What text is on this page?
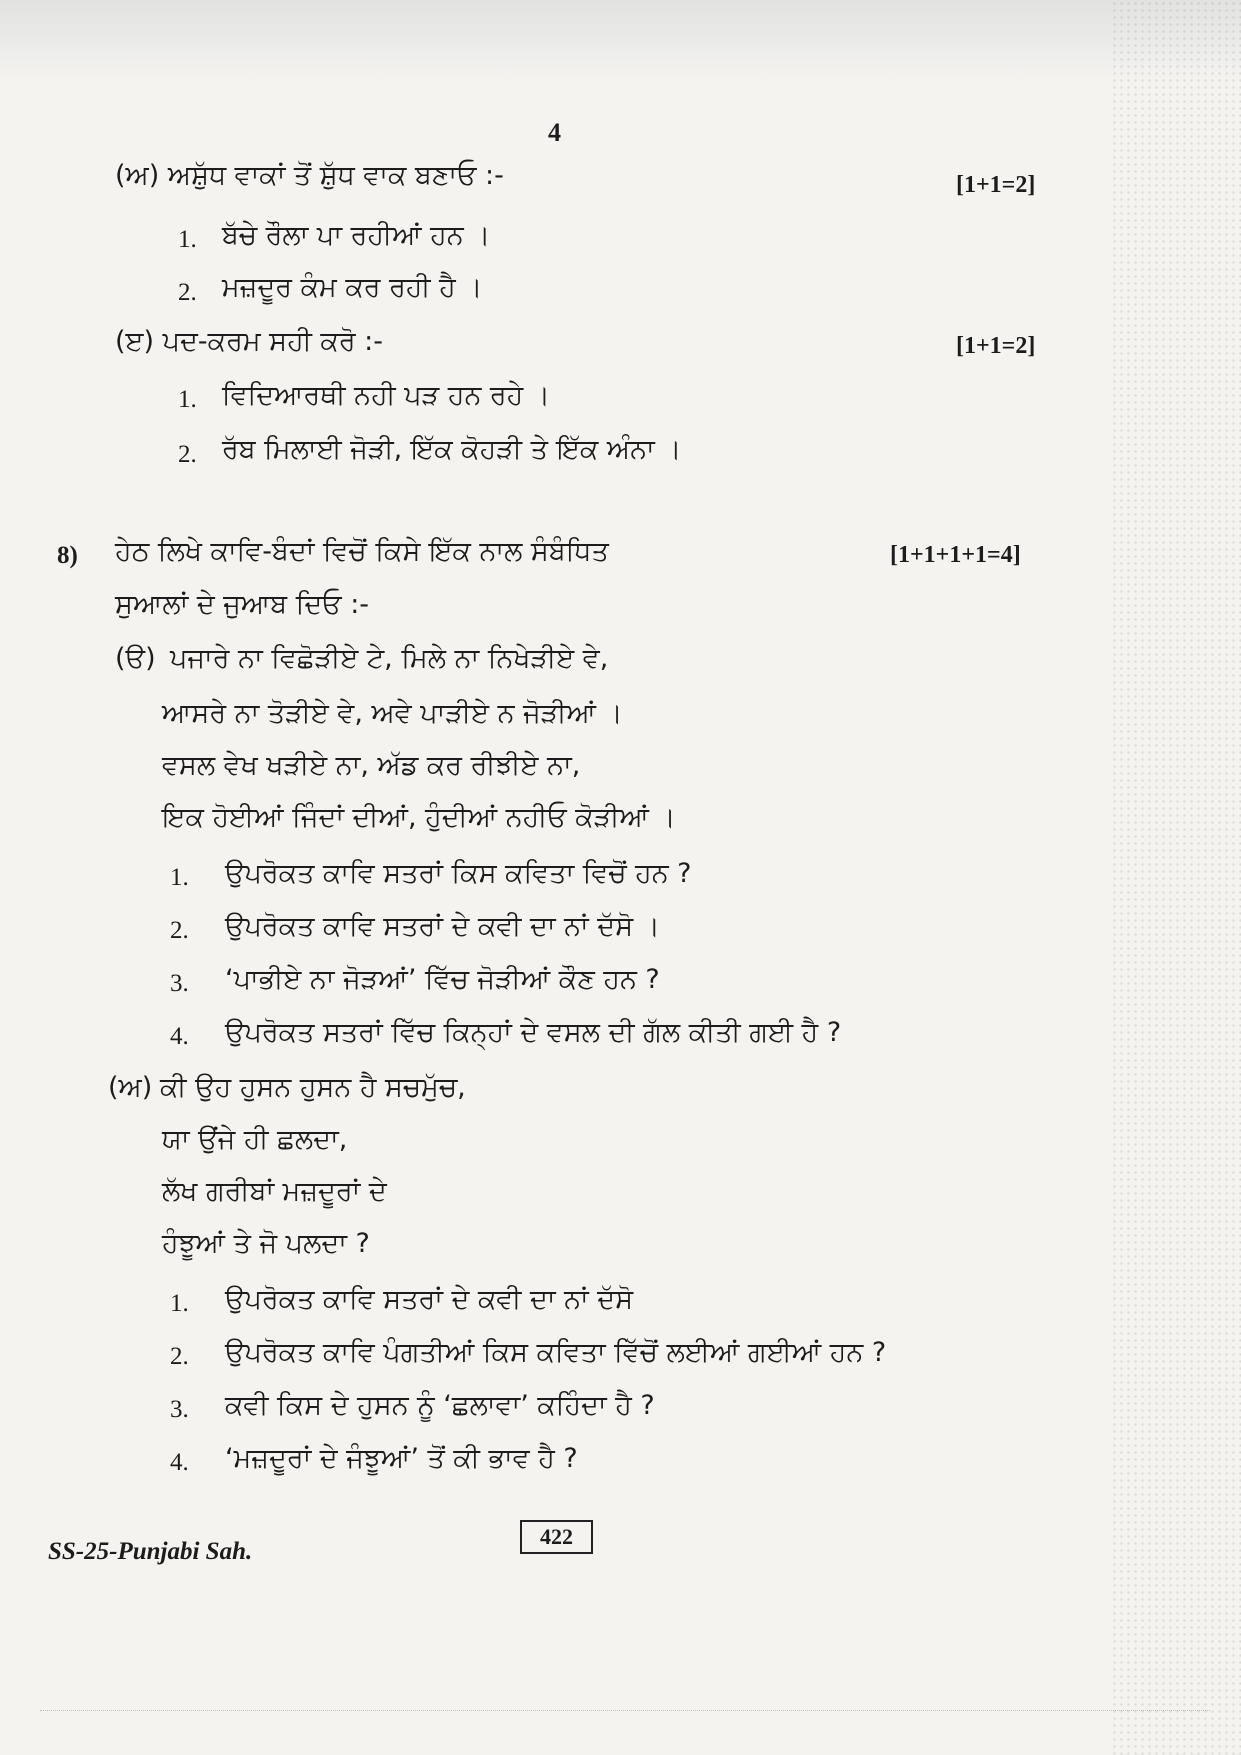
4
(ਅ) ਅਸ਼ੁੱਧ ਵਾਕਾਂ ਤੋਂ ਸ਼ੁੱਧ ਵਾਕ ਬਣਾਓ :-	[1+1=2]
1. ਬੱਚੇ ਰੌਲਾ ਪਾ ਰਹੀਆਂ ਹਨ ।
2. ਮਜ਼ਦੂਰ ਕੰਮ ਕਰ ਰਹੀ ਹੈ ।
(ੲ) ਪਦ-ਕਰਮ ਸਹੀ ਕਰੋ :-	[1+1=2]
1. ਵਿਦਿਆਰਥੀ ਨਹੀ ਪੜ ਹਨ ਰਹੇ ।
2. ਰੱਬ ਮਿਲਾਈ ਜੋੜੀ, ਇੱਕ ਕੋਹੜੀ ਤੇ ਇੱਕ ਅੰਨਾ ।
8) ਹੇਠ ਲਿਖੇ ਕਾਵਿ-ਬੰਦਾਂ ਵਿਚੋਂ ਕਿਸੇ ਇੱਕ ਨਾਲ ਸੰਬੰਧਿਤ	[1+1+1+1=4]
ਸੁਆਲਾਂ ਦੇ ਜੁਆਬ ਦਿਓ :-
(ੳ) ਪਜਾਰੇ ਨਾ ਵਿਛੋੜੀਏ ਟੇ, ਮਿਲੇ ਨਾ ਨਿਖੇੜੀਏ ਵੇ,
ਆਸਰੇ ਨਾ ਤੋੜੀਏ ਵੇ, ਅਵੇ ਪਾੜੀਏ ਨ ਜੋੜੀਆਂ ।
ਵਸਲ ਵੇਖ ਖੜੀਏ ਨਾ, ਅੱਡ ਕਰ ਰੀਝੀਏ ਨਾ,
ਇਕ ਹੋਈਆਂ ਜਿੰਦਾਂ ਦੀਆਂ, ਹੁੰਦੀਆਂ ਨਹੀਓ ਕੋੜੀਆਂ ।
1. ਉਪਰੋਕਤ ਕਾਵਿ ਸਤਰਾਂ ਕਿਸ ਕਵਿਤਾ ਵਿਚੋਂ ਹਨ ?
2. ਉਪਰੋਕਤ ਕਾਵਿ ਸਤਰਾਂ ਦੇ ਕਵੀ ਦਾ ਨਾਂ ਦੱਸੋ ।
3. ‘ਪਾਭੀਏ ਨਾ ਜੋੜਆਂ’ ਵਿੱਚ ਜੋੜੀਆਂ ਕੌਣ ਹਨ ?
4. ਉਪਰੋਕਤ ਸਤਰਾਂ ਵਿੱਚ ਕਿਨ੍ਹਾਂ ਦੇ ਵਸਲ ਦੀ ਗੱਲ ਕੀਤੀ ਗਈ ਹੈ ?
(ਅ) ਕੀ ਉਹ ਹੁਸਨ ਹੁਸਨ ਹੈ ਸਚਮੁੱਚ,
ਯਾ ਉਂਜੇ ਹੀ ਛਲਦਾ,
ਲੱਖ ਗਰੀਬਾਂ ਮਜ਼ਦੂਰਾਂ ਦੇ
ਹੰਝੂਆਂ ਤੇ ਜੋ ਪਲਦਾ ?
1. ਉਪਰੋਕਤ ਕਾਵਿ ਸਤਰਾਂ ਦੇ ਕਵੀ ਦਾ ਨਾਂ ਦੱਸੋ
2. ਉਪਰੋਕਤ ਕਾਵਿ ਪੰਗਤੀਆਂ ਕਿਸ ਕਵਿਤਾ ਵਿੱਚੋਂ ਲਈਆਂ ਗਈਆਂ ਹਨ ?
3. ਕਵੀ ਕਿਸ ਦੇ ਹੁਸਨ ਨੂੰ ‘ਛਲਾਵਾ’ ਕਹਿੰਦਾ ਹੈ ?
4. ‘ਮਜ਼ਦੂਰਾਂ ਦੇ ਜੰਝੂਆਂ’ ਤੋਂ ਕੀ ਭਾਵ ਹੈ ?
SS-25-Punjabi Sah.
422
